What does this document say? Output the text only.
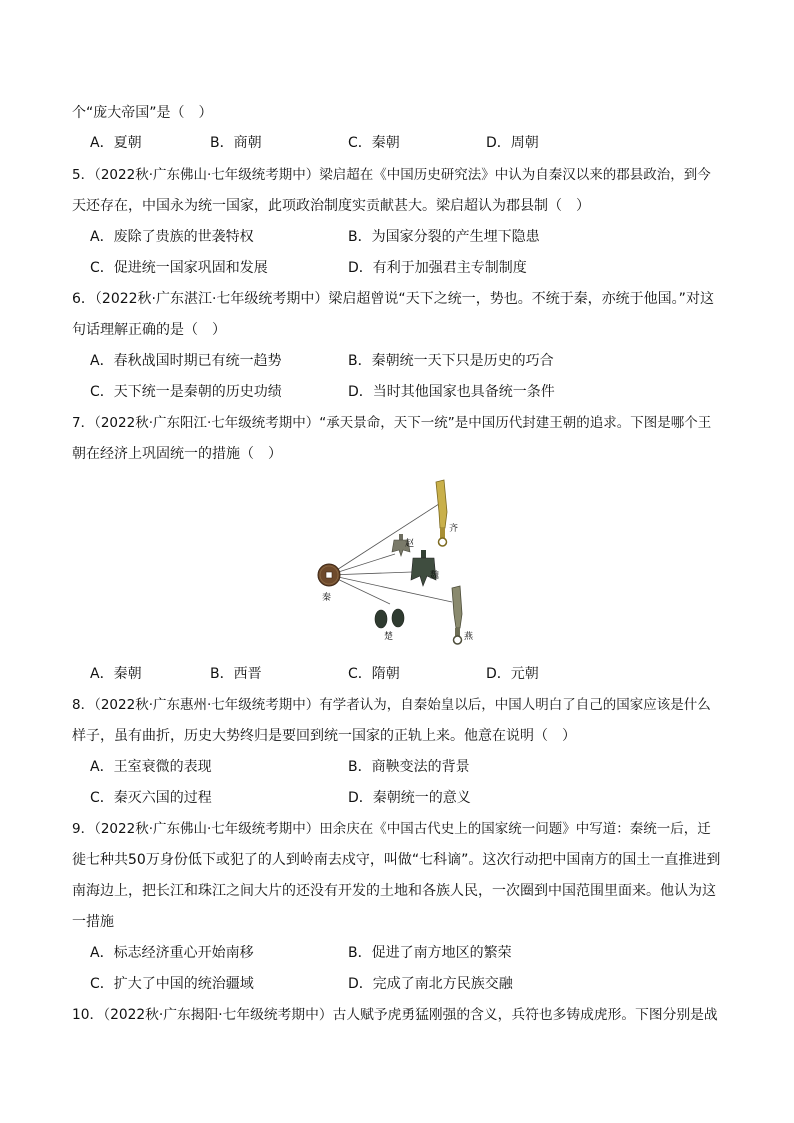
个“庞大帝国”是（　）
A．夏朝	B．商朝	C．秦朝	D．周朝
5．（2022秋·广东佛山·七年级统考期中）梁启超在《中国历史研究法》中认为自秦汉以来的郡县政治，到今
天还存在，中国永为统一国家，此项政治制度实贡献甚大。梁启超认为郡县制（　）
A．废除了贵族的世袭特权	B．为国家分裂的产生埋下隐患
C．促进统一国家巩固和发展	D．有利于加强君主专制制度
6．（2022秋·广东湛江·七年级统考期中）梁启超曾说“天下之统一，势也。不统于秦，亦统于他国。”对这
句话理解正确的是（　）
A．春秋战国时期已有统一趋势	B．秦朝统一天下只是历史的巧合
C．天下统一是秦朝的历史功绩	D．当时其他国家也具备统一条件
7．（2022秋·广东阳江·七年级统考期中）“承天景命，天下一统”是中国历代封建王朝的追求。下图是哪个王
朝在经济上巩固统一的措施（　）
齐
赵
魏
秦
楚	燕
A．秦朝	B．西晋	C．隋朝	D．元朝
8．（2022秋·广东惠州·七年级统考期中）有学者认为，自秦始皇以后，中国人明白了自己的国家应该是什么
样子，虽有曲折，历史大势终归是要回到统一国家的正轨上来。他意在说明（　）
A．王室衰微的表现	B．商鞅变法的背景
C．秦灭六国的过程	D．秦朝统一的意义
9．（2022秋·广东佛山·七年级统考期中）田余庆在《中国古代史上的国家统一问题》中写道：秦统一后，迁
徙七种共50万身份低下或犯了的人到岭南去戍守，叫做“七科谪”。这次行动把中国南方的国土一直推进到
南海边上，把长江和珠江之间大片的还没有开发的土地和各族人民，一次圈到中国范围里面来。他认为这
一措施
A．标志经济重心开始南移	B．促进了南方地区的繁荣
C．扩大了中国的统治疆域	D．完成了南北方民族交融
10．（2022秋·广东揭阳·七年级统考期中）古人赋予虎勇猛刚强的含义，兵符也多铸成虎形。下图分别是战
